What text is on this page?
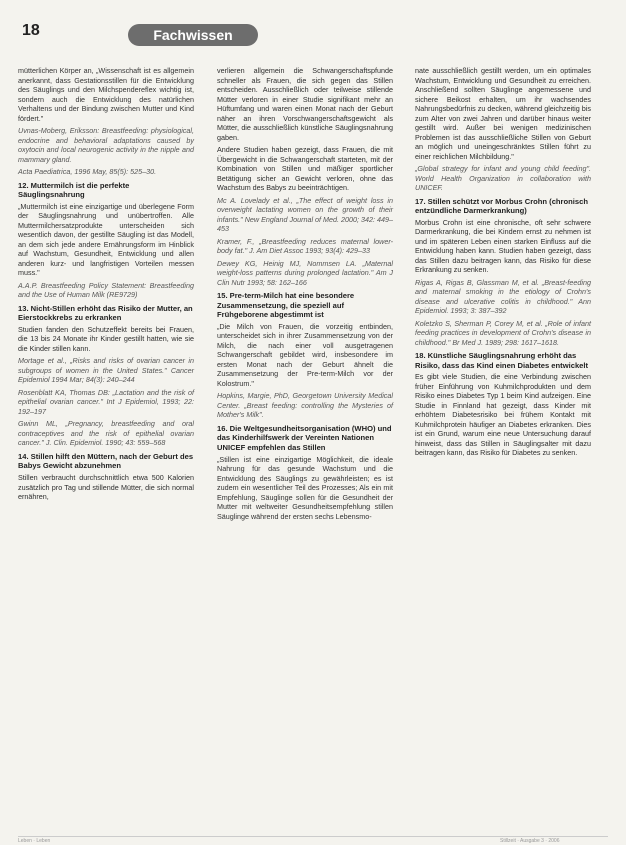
18	Fachwissen

mütterlichen Körper an, „Wissenschaft ist es allgemein anerkannt, dass Gestationsstillen für die Entwicklung des Säuglings und den Milchspendereflex wichtig ist, sondern auch die Entwicklung des natürlichen Verhaltens und der Bindung zwischen Mutter und Kind fördert."

Uvnas-Moberg, Eriksson: Breastfeeding: physiological, endocrine and behavioral adaptations caused by oxytocin and local neurogenic activity in the nipple and mammary gland.

Acta Paediatrica, 1996 May, 85(5): 525–30.

12. Muttermilch ist die perfekte Säuglingsnahrung

„Muttermilch ist eine einzigartige und überlegene Form der Säuglingsnahrung und unübertroffen. Alle Muttermilchersatzprodukte unterscheiden sich wesentlich davon, der gestillte Säugling ist das Modell, an dem sich jede andere Ernährungsform im Hinblick auf Wachstum, Gesundheit, Entwicklung und allen anderen kurz- und langfristigen Vorteilen messen muss."

A.A.P. Breastfeeding Policy Statement: Breastfeeding and the Use of Human Milk (RE9729)

13. Nicht-Stillen erhöht das Risiko der Mutter, an Eierstockkrebs zu erkranken

Studien fanden den Schutzeffekt bereits bei Frauen, die 13 bis 24 Monate ihr Kinder gestillt hatten, wie sie die Kinder stillen kann.

Mortage et al., „Risks and risks of ovarian cancer in subgroups of women in the United States." Cancer Epidemiol 1994 Mar; 84(3): 240–244

Rosenblatt KA, Thomas DB: „Lactation and the risk of epithelial ovarian cancer." Int J Epidemiol, 1993; 22: 192–197

Gwinn ML, „Pregnancy, breastfeeding and oral contraceptives and the risk of epithelial ovarian cancer." J. Clin. Epidemiol. 1990; 43: 559–568

14. Stillen hilft den Müttern, nach der Geburt des Babys Gewicht abzunehmen

Stillen verbraucht durchschnittlich etwa 500 Kalorien zusätzlich pro Tag und stillende Mütter, die sich normal ernähren,

verlieren allgemein die Schwangerschaftspfunde schneller als Frauen, die sich gegen das Stillen entscheiden. Ausschließlich oder teilweise stillende Mütter verloren in einer Studie signifikant mehr an Hüftumfang und waren einen Monat nach der Geburt näher an ihren Vorschwangerschaftsgewicht als Mütter, die ausschließlich künstliche Säuglingsnahrung gaben.

Andere Studien haben gezeigt, dass Frauen, die mit Übergewicht in die Schwangerschaft starteten, mit der Kombination von Stillen und mäßiger sportlicher Betätigung sicher an Gewicht verloren, ohne das Wachstum des Babys zu beeinträchtigen.

Mc A. Lovelady et al., „The effect of weight loss in overweight lactating women on the growth of their infants." New England Journal of Med. 2000; 342: 449–453

Kramer, F., „Breastfeeding reduces maternal lower-body fat." J. Am Diet Assoc 1993; 93(4): 429–33

Dewey KG, Heinig MJ, Nommsen LA. „Maternal weight-loss patterns during prolonged lactation." Am J Clin Nutr 1993; 58: 162–166

15. Pre-term-Milch hat eine besondere Zusammensetzung, die speziell auf Frühgeborene abgestimmt ist

„Die Milch von Frauen, die vorzeitig entbinden, unterscheidet sich in ihrer Zusammensetzung von der Milch, die nach einer voll ausgetragenen Schwangerschaft gebildet wird, insbesondere im ersten Monat nach der Geburt ähnelt die Zusammensetzung der Pre-term-Milch vor der Kolostrum."

Hopkins, Margie, PhD, Georgetown University Medical Center. „Breast feeding: controlling the Mysteries of Mother's Milk".

16. Die Weltgesundheitsorganisation (WHO) und das Kinderhilfswerk der Vereinten Nationen UNICEF empfehlen das Stillen

„Stillen ist eine einzigartige Möglichkeit, die ideale Nahrung für das gesunde Wachstum und die Entwicklung des Säuglings zu gewährleisten; es ist zudem ein wesentlicher Teil des Prozesses; Als ein mit Empfehlung, Säuglinge sollen für die Gesundheit der Mutter mit weltweiter Gesundheitsempfehlung stillen Säuglinge während der ersten sechs Lebensmo-

nate ausschließlich gestillt werden, um ein optimales Wachstum, Entwicklung und Gesundheit zu erreichen. Anschließend sollten Säuglinge angemessene und sichere Beikost erhalten, um ihr wachsendes Nahrungsbedürfnis zu decken, während gleichzeitig bis zum Alter von zwei Jahren und darüber hinaus weiter gestillt wird. Außer bei wenigen medizinischen Problemen ist das ausschließliche Stillen von Geburt an möglich und uneingeschränktes Stillen führt zu einer reichlichen Milchbildung."

„Global strategy for infant and young child feeding". World Health Organization in collaboration with UNICEF.

17. Stillen schützt vor Morbus Crohn (chronisch entzündliche Darmerkrankung)

Morbus Crohn ist eine chronische, oft sehr schwere Darmerkrankung, die bei Kindern ernst zu nehmen ist und im späteren Leben einen starken Einfluss auf die Entwicklung haben kann. Studien haben gezeigt, dass das Stillen dazu beitragen kann, das Risiko für diese Erkrankung zu senken.

Rigas A, Rigas B, Glassman M, et al. „Breast-feeding and maternal smoking in the etiology of Crohn's disease and ulcerative colitis in childhood." Ann Epidemiol. 1993; 3: 387–392

Koletzko S, Sherman P, Corey M, et al. „Role of infant feeding practices in development of Crohn's disease in childhood." Br Med J. 1989; 298: 1617–1618.

18. Künstliche Säuglingsnahrung erhöht das Risiko, dass das Kind einen Diabetes entwickelt

Es gibt viele Studien, die eine Verbindung zwischen früher Einführung von Kuhmilchprodukten und dem Risiko eines Diabetes Typ 1 beim Kind aufzeigen. Eine Studie in Finnland hat gezeigt, dass Kinder mit erhöhtem Diabetesrisiko bei frühem Kontakt mit Kuhmilchprotein häufiger an Diabetes erkranken. Dies ist ein Grund, warum eine neue Untersuchung darauf hinweist, dass das Stillen in Säuglingsalter mit dazu beitragen kann, das Risiko für Diabetes zu senken.

Leben · Leben	Stillzeit · Ausgabe 3 · 2006
